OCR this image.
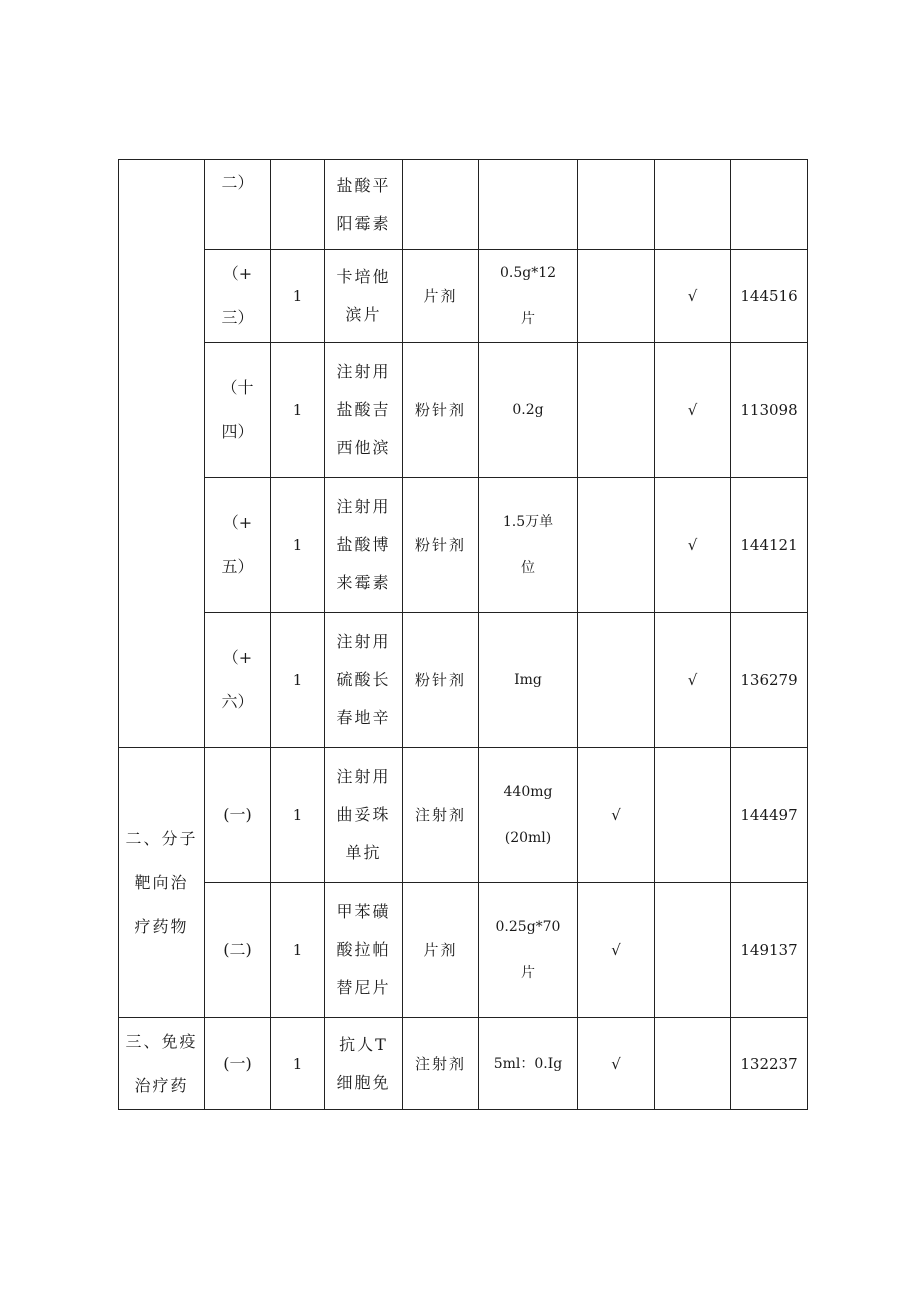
	二）		盐酸平
阳霉素					

	（+
三）	1	卡培他
滨片	片剂	0.5g*12
片		√	144516

	（十
四）	1	注射用
盐酸吉
西他滨	粉针剂	0.2g		√	113098

	（+
五）	1	注射用
盐酸博
来霉素	粉针剂	1.5万单
位		√	144121

	（+
六）	1	注射用
硫酸长
春地辛	粉针剂	Img		√	136279

二、分子
靶向治
疗药物	(一)	1	注射用
曲妥珠
单抗	注射剂	440mg
(20ml)	√		144497

	(二)	1	甲苯磺
酸拉帕
替尼片	片剂	0.25g*70
片	√		149137

三、免疫
治疗药	(一)	1	抗人T
细胞免	注射剂	5ml：0.Ig	√		132237
